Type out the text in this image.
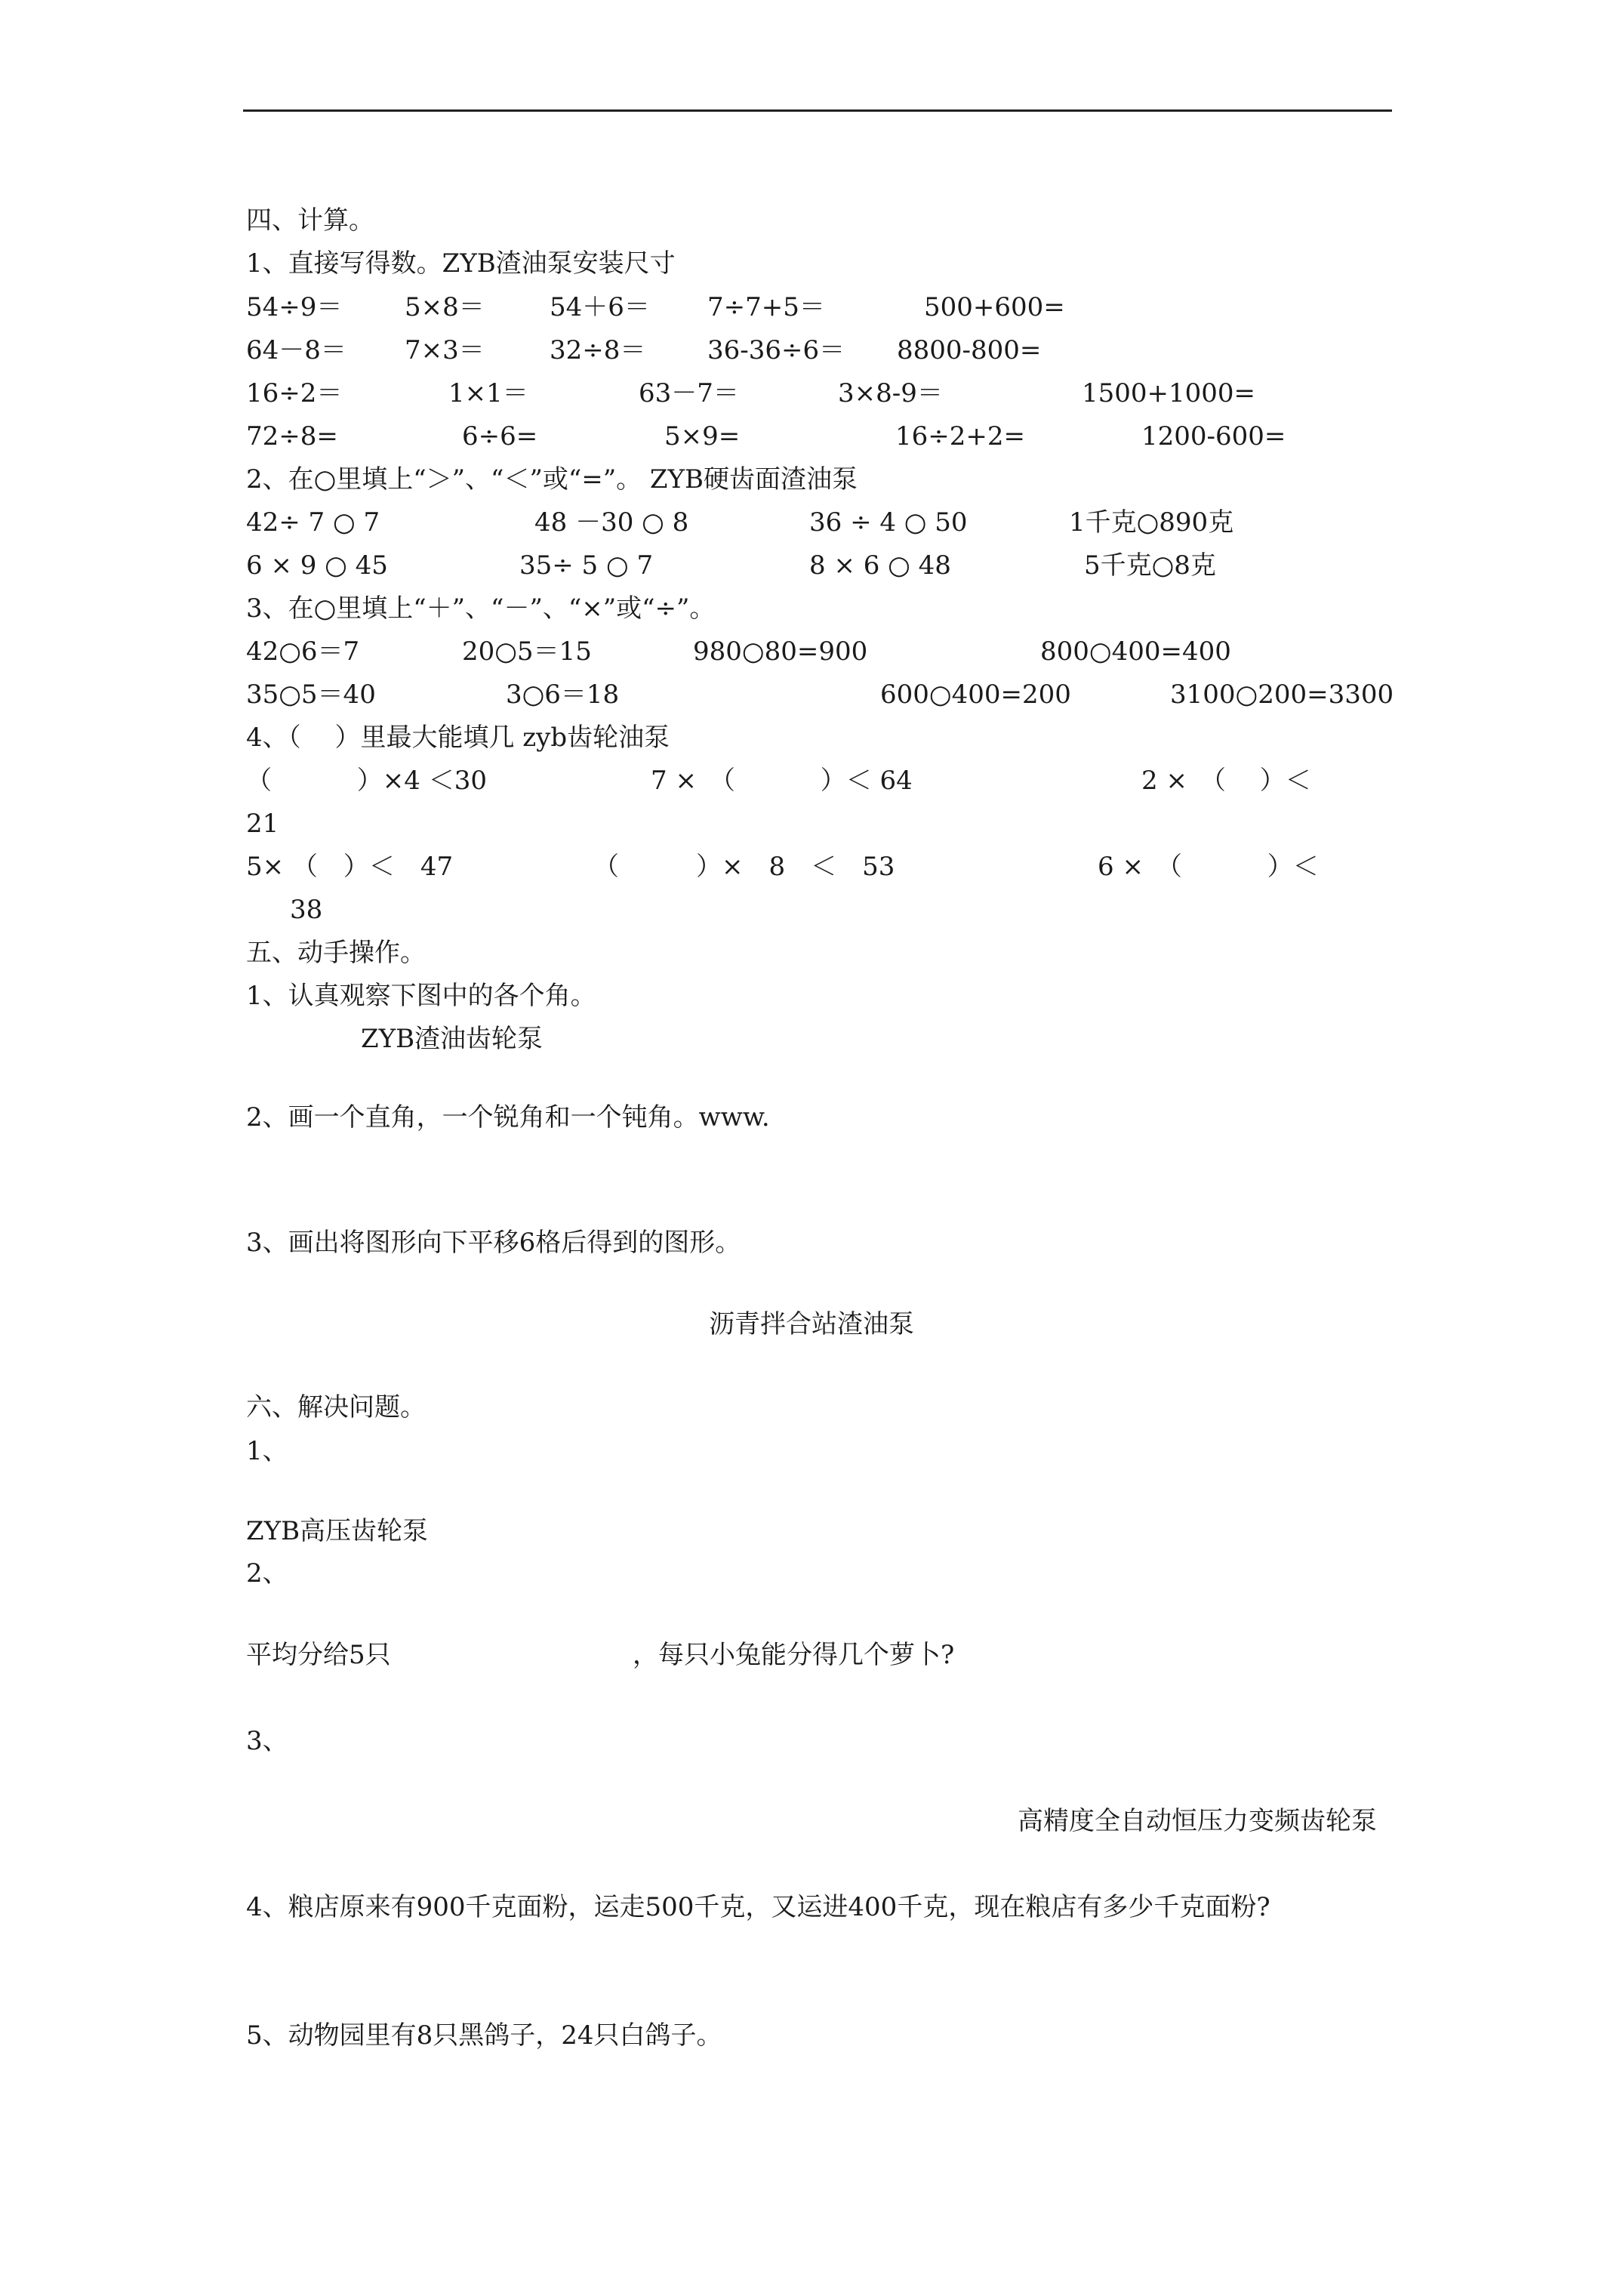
四、计算。
1、直接写得数。ZYB渣油泵安装尺寸
54÷9＝ 5×8＝	54＋6＝ 7÷7+5＝	500+600=
64－8＝ 7×3＝	32÷8＝ 36-36÷6＝ 8800-800=
16÷2＝	1×1＝	63－7＝	3×8-9＝	1500+1000=
72÷8=	6÷6=	5×9=	16÷2+2=	1200-600=
2、在○里填上“＞”、“＜”或“=”。 ZYB硬齿面渣油泵
42÷ 7 ○ 7	48 －30 ○ 8	36 ÷ 4 ○ 50	1千克○890克
6 × 9 ○ 45	35÷ 5 ○ 7	8 × 6 ○ 48	5千克○8克
3、在○里填上“＋”、“－”、“×”或“÷”。
42○6＝7	20○5＝15	980○80=900	800○400=400
35○5＝40	3○6＝18	600○400=200	3100○200=3300
4、（　 ）里最大能填几 zyb齿轮油泵
（　　　 ）×4 ＜30	7 ×　（　　　 ）＜ 64	2 ×　（　 ）＜
21
5× （　）＜　47	（　　　）×　8　＜　53	6 ×　（　　　 ）＜
38
五、动手操作。
1、认真观察下图中的各个角。
ZYB渣油齿轮泵
2、画一个直角，一个锐角和一个钝角。www.
3、画出将图形向下平移6格后得到的图形。
沥青拌合站渣油泵
六、解决问题。
1、
ZYB高压齿轮泵
2、
平均分给5只	，每只小兔能分得几个萝卜?
3、
高精度全自动恒压力变频齿轮泵
4、粮店原来有900千克面粉，运走500千克，又运进400千克，现在粮店有多少千克面粉?
5、动物园里有8只黑鸽子，24只白鸽子。
